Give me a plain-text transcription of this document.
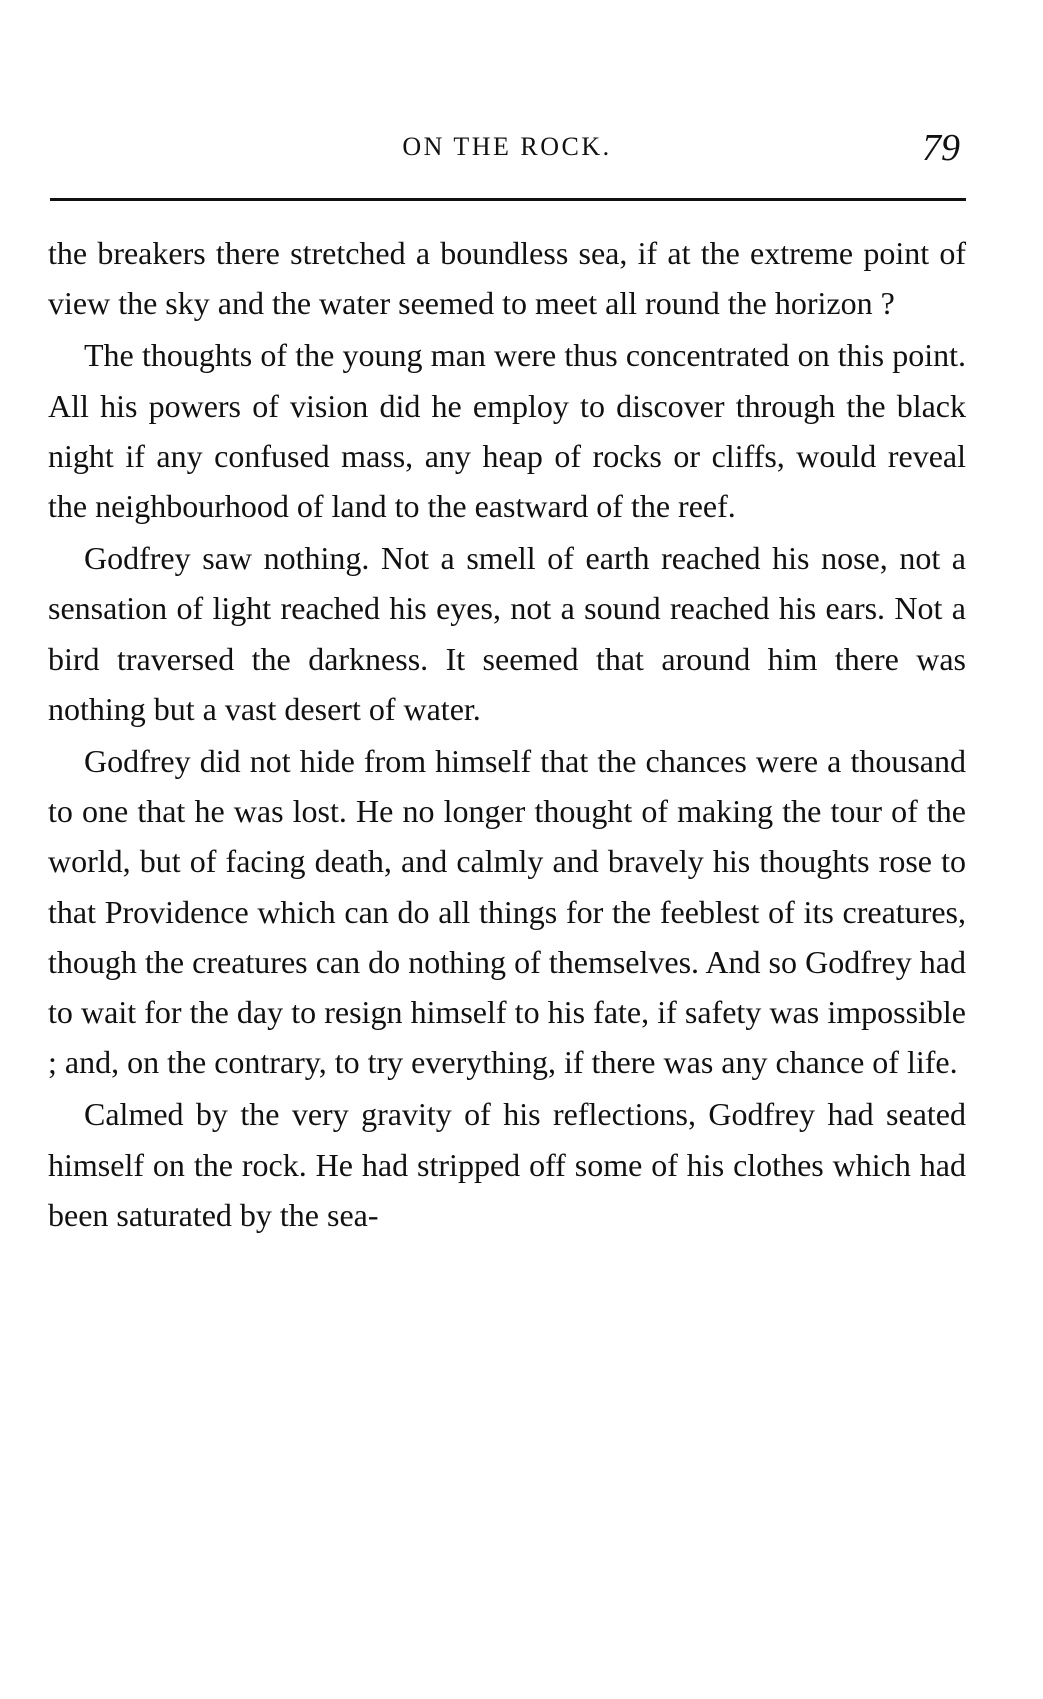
ON THE ROCK.	79

the breakers there stretched a boundless sea, if at the extreme point of view the sky and the water seemed to meet all round the horizon ?

The thoughts of the young man were thus concentrated on this point. All his powers of vision did he employ to discover through the black night if any confused mass, any heap of rocks or cliffs, would reveal the neighbourhood of land to the eastward of the reef.

Godfrey saw nothing. Not a smell of earth reached his nose, not a sensation of light reached his eyes, not a sound reached his ears. Not a bird traversed the darkness. It seemed that around him there was nothing but a vast desert of water.

Godfrey did not hide from himself that the chances were a thousand to one that he was lost. He no longer thought of making the tour of the world, but of facing death, and calmly and bravely his thoughts rose to that Providence which can do all things for the feeblest of its creatures, though the creatures can do nothing of themselves. And so Godfrey had to wait for the day to resign himself to his fate, if safety was impossible ; and, on the contrary, to try everything, if there was any chance of life.

Calmed by the very gravity of his reflections, Godfrey had seated himself on the rock. He had stripped off some of his clothes which had been saturated by the sea-
